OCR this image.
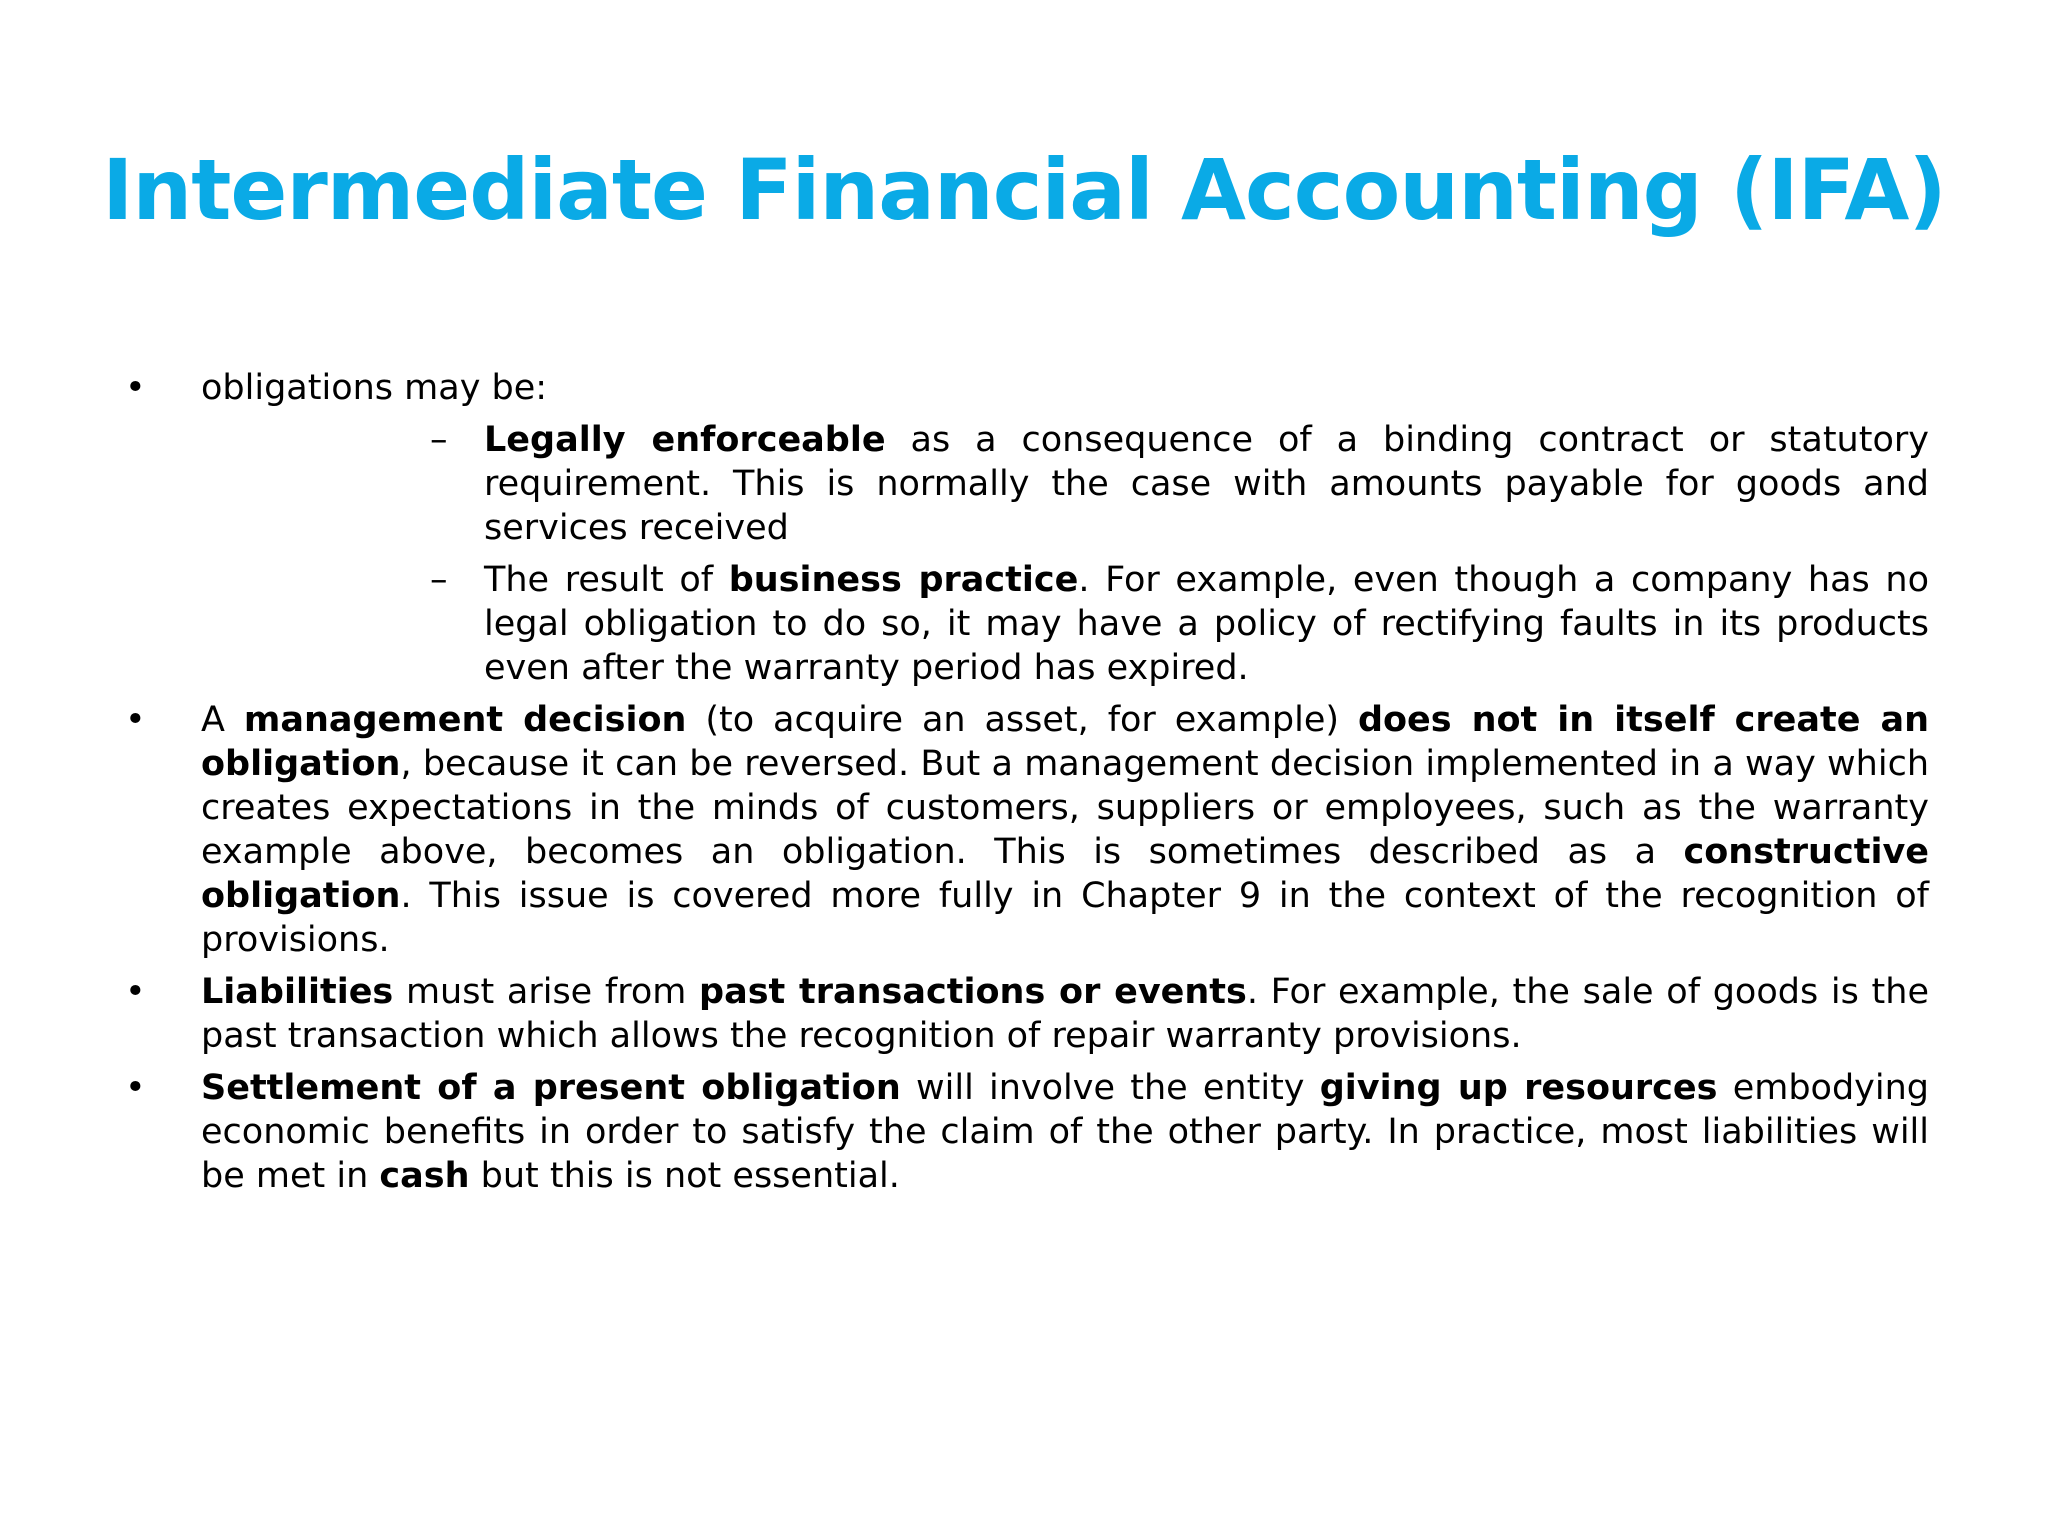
Intermediate Financial Accounting (IFA)
• obligations may be:
–	Legally enforceable as a consequence of a binding contract or statutory requirement. This is normally the case with amounts payable for goods and services received
–	The result of business practice. For example, even though a company has no legal obligation to do so, it may have a policy of rectifying faults in its products even after the warranty period has expired.
• A management decision (to acquire an asset, for example) does not in itself create an obligation, because it can be reversed. But a management decision implemented in a way which creates expectations in the minds of customers, suppliers or employees, such as the warranty example above, becomes an obligation. This is sometimes described as a constructive obligation. This issue is covered more fully in Chapter 9 in the context of the recognition of provisions.
• Liabilities must arise from past transactions or events. For example, the sale of goods is the past transaction which allows the recognition of repair warranty provisions.
• Settlement of a present obligation will involve the entity giving up resources embodying economic benefits in order to satisfy the claim of the other party. In practice, most liabilities will be met in cash but this is not essential.
